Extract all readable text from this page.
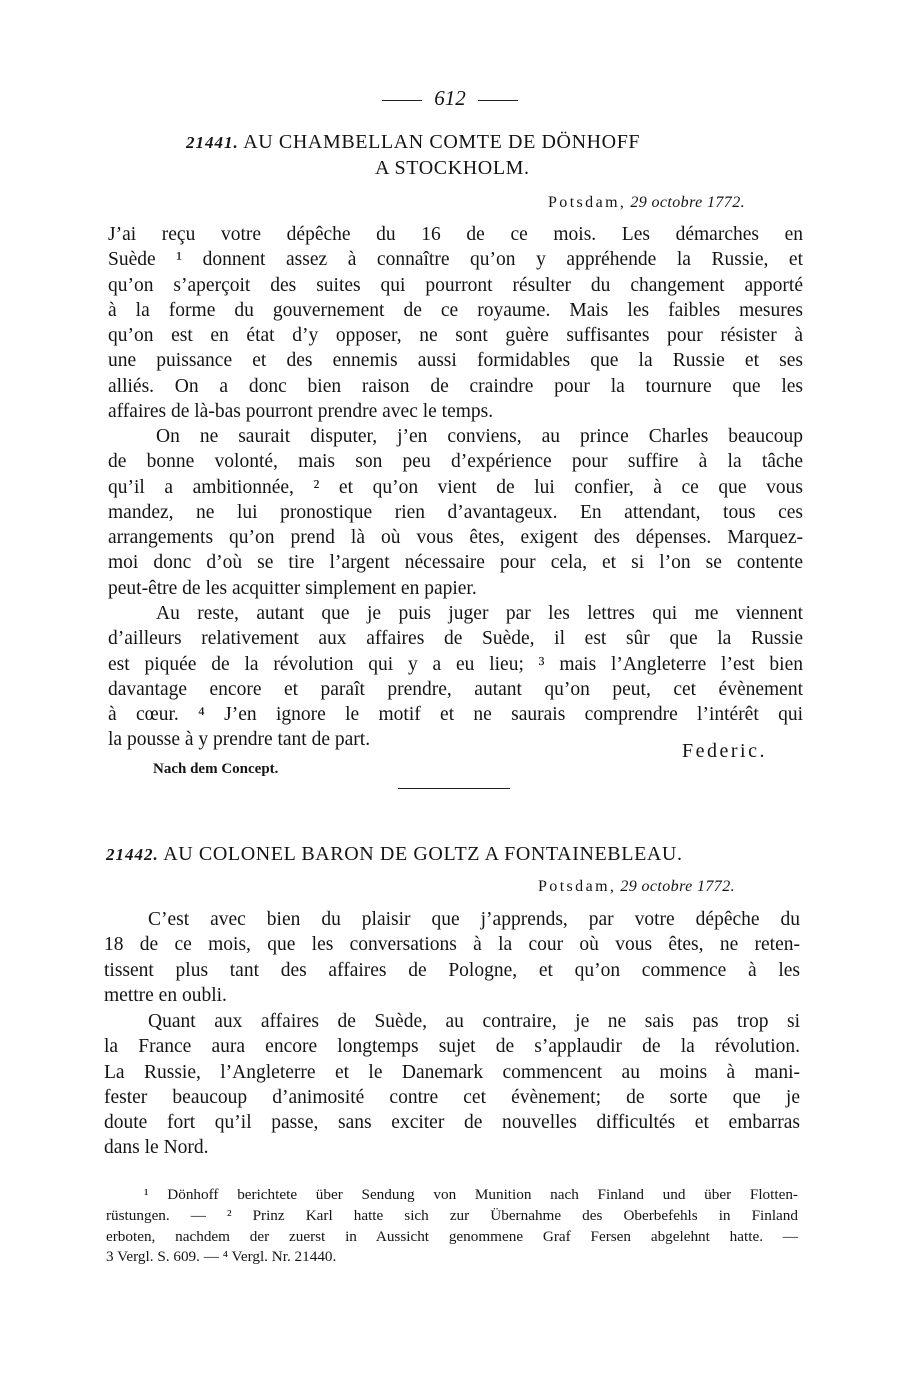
612
21441. AU CHAMBELLAN COMTE DE DÖNHOFF
A STOCKHOLM.
Potsdam, 29 octobre 1772.

J’ai reçu votre dépêche du 16 de ce mois. Les démarches en
Suède ¹ donnent assez à connaître qu’on y appréhende la Russie, et
qu’on s’aperçoit des suites qui pourront résulter du changement apporté
à la forme du gouvernement de ce royaume. Mais les faibles mesures
qu’on est en état d’y opposer, ne sont guère suffisantes pour résister à
une puissance et des ennemis aussi formidables que la Russie et ses
alliés. On a donc bien raison de craindre pour la tournure que les
affaires de là-bas pourront prendre avec le temps.

On ne saurait disputer, j’en conviens, au prince Charles beaucoup
de bonne volonté, mais son peu d’expérience pour suffire à la tâche
qu’il a ambitionnée, ² et qu’on vient de lui confier, à ce que vous
mandez, ne lui pronostique rien d’avantageux. En attendant, tous ces
arrangements qu’on prend là où vous êtes, exigent des dépenses. Marquez-
moi donc d’où se tire l’argent nécessaire pour cela, et si l’on se contente
peut-être de les acquitter simplement en papier.

Au reste, autant que je puis juger par les lettres qui me viennent
d’ailleurs relativement aux affaires de Suède, il est sûr que la Russie
est piquée de la révolution qui y a eu lieu; ³ mais l’Angleterre l’est bien
davantage encore et paraît prendre, autant qu’on peut, cet évènement
à cœur. ⁴ J’en ignore le motif et ne saurais comprendre l’intérêt qui
la pousse à y prendre tant de part.

Federic.
Nach dem Concept.
21442. AU COLONEL BARON DE GOLTZ A FONTAINEBLEAU.
Potsdam, 29 octobre 1772.

C’est avec bien du plaisir que j’apprends, par votre dépêche du
18 de ce mois, que les conversations à la cour où vous êtes, ne reten-
tissent plus tant des affaires de Pologne, et qu’on commence à les
mettre en oubli.

Quant aux affaires de Suède, au contraire, je ne sais pas trop si
la France aura encore longtemps sujet de s’applaudir de la révolution.
La Russie, l’Angleterre et le Danemark commencent au moins à mani-
fester beaucoup d’animosité contre cet évènement; de sorte que je
doute fort qu’il passe, sans exciter de nouvelles difficultés et embarras
dans le Nord.

¹ Dönhoff berichtete über Sendung von Munition nach Finland und über Flotten-
rüstungen. — ² Prinz Karl hatte sich zur Übernahme des Oberbefehls in Finland
erboten, nachdem der zuerst in Aussicht genommene Graf Fersen abgelehnt hatte. —
3 Vergl. S. 609. — ⁴ Vergl. Nr. 21440.
